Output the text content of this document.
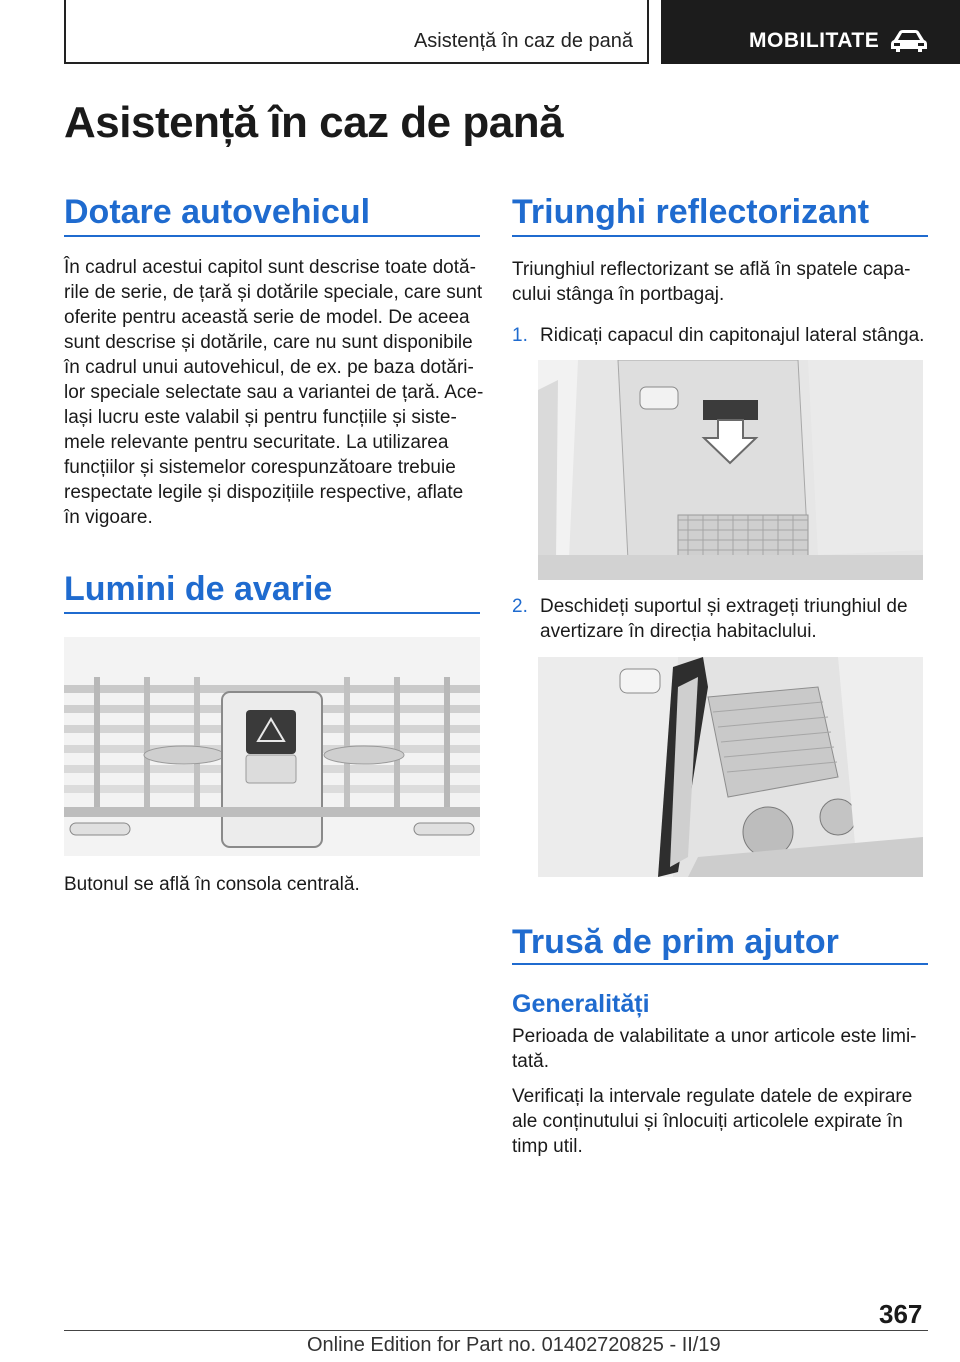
Asistență în caz de pană	MOBILITATE
Asistență în caz de pană
Dotare autovehicul
În cadrul acestui capitol sunt descrise toate dotă-
rile de serie, de țară și dotările speciale, care sunt
oferite pentru această serie de model. De aceea
sunt descrise și dotările, care nu sunt disponibile
în cadrul unui autovehicul, de ex. pe baza dotări-
lor speciale selectate sau a variantei de țară. Ace-
lași lucru este valabil și pentru funcțiile și siste-
mele relevante pentru securitate. La utilizarea
funcțiilor și sistemelor corespunzătoare trebuie
respectate legile și dispozițiile respective, aflate
în vigoare.
Lumini de avarie
Butonul se află în consola centrală.
Triunghi reflectorizant
Triunghiul reflectorizant se află în spatele capa-
cului stânga în portbagaj.
1. Ridicați capacul din capitonajul lateral stânga.
2. Deschideți suportul și extrageți triunghiul de
avertizare în direcția habitaclului.
Trusă de prim ajutor
Generalități
Perioada de valabilitate a unor articole este limi-
tată.
Verificați la intervale regulate datele de expirare
ale conținutului și înlocuiți articolele expirate în
timp util.
367
Online Edition for Part no. 01402720825 - II/19
